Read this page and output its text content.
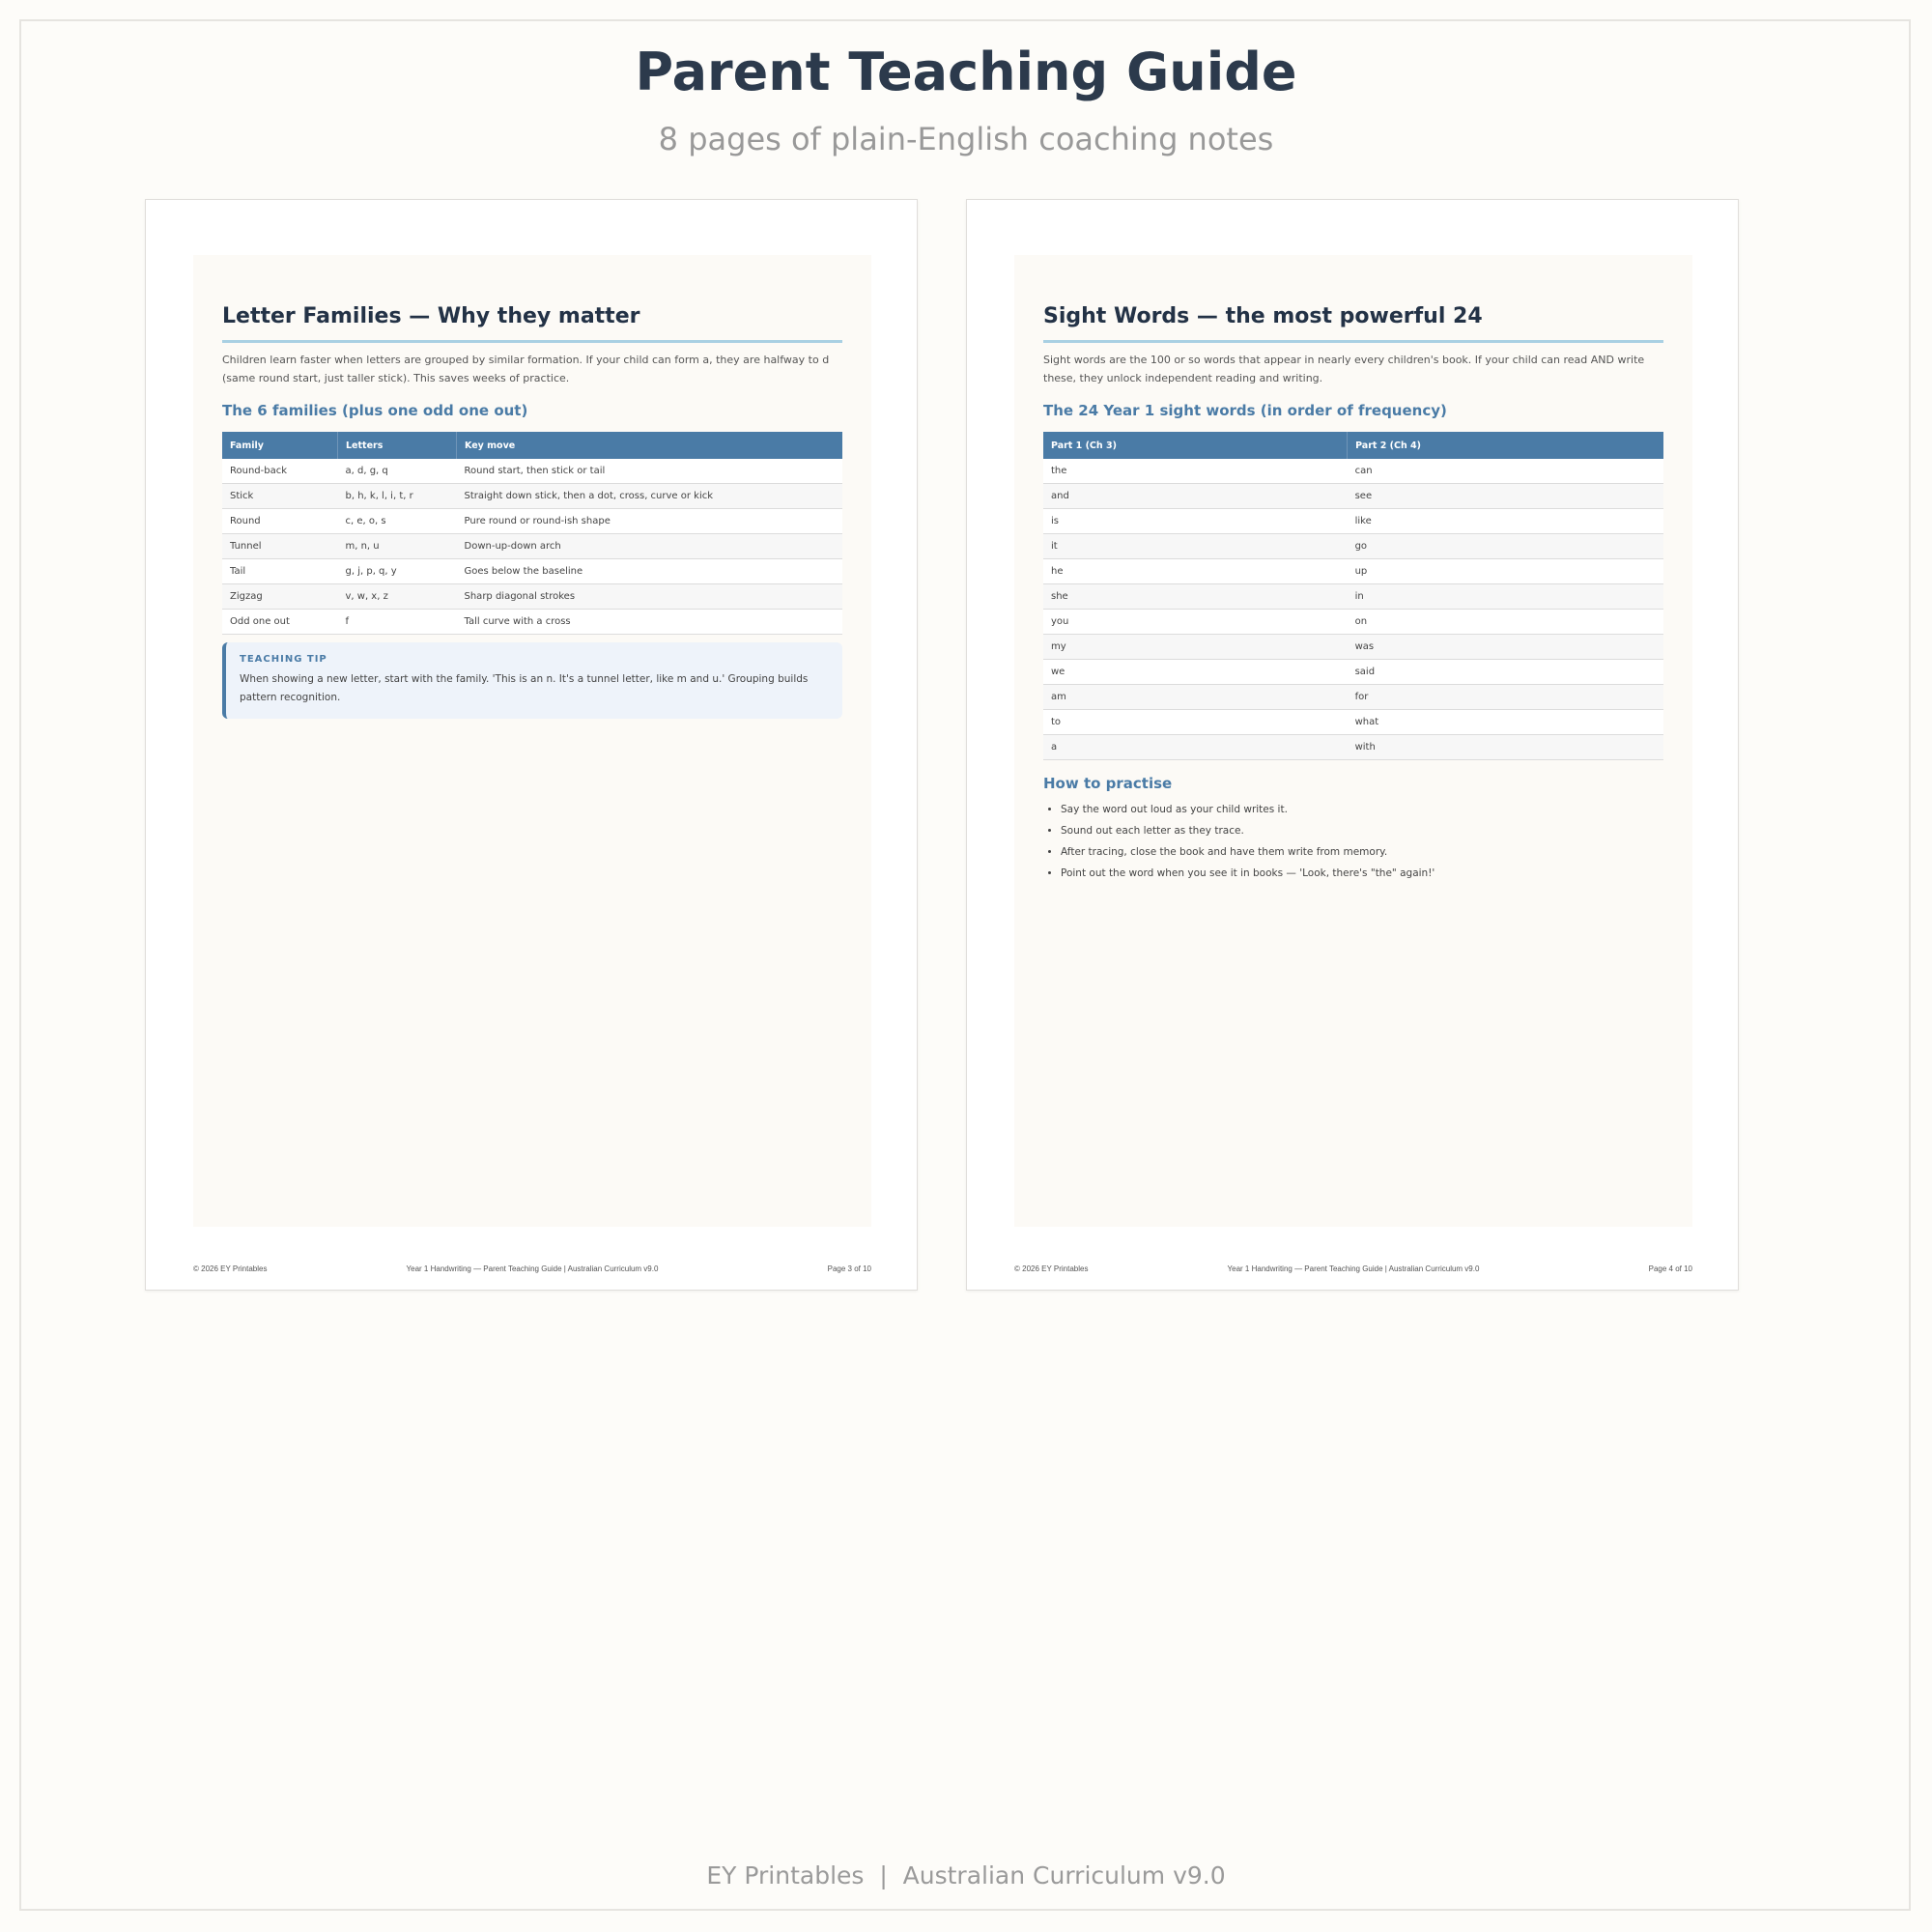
Parent Teaching Guide
8 pages of plain-English coaching notes
Letter Families — Why they matter

Children learn faster when letters are grouped by similar formation. If your child can form a, they are halfway to d (same round start, just taller stick). This saves weeks of practice.

The 6 families (plus one odd one out)
Family	Letters	Key move
Round-back	a, d, g, q	Round start, then stick or tail
Stick	b, h, k, l, i, t, r	Straight down stick, then a dot, cross, curve or kick
Round	c, e, o, s	Pure round or round-ish shape
Tunnel	m, n, u	Down-up-down arch
Tail	g, j, p, q, y	Goes below the baseline
Zigzag	v, w, x, z	Sharp diagonal strokes
Odd one out	f	Tall curve with a cross
TEACHING TIP
When showing a new letter, start with the family. 'This is an n. It's a tunnel letter, like m and u.' Grouping builds pattern recognition.
Year 1 Handwriting — Parent Teaching Guide | Australian Curriculum v9.0
© 2026 EY Printables	Page 3 of 10
Sight Words — the most powerful 24

Sight words are the 100 or so words that appear in nearly every children's book. If your child can read AND write these, they unlock independent reading and writing.

The 24 Year 1 sight words (in order of frequency)
Part 1 (Ch 3)	Part 2 (Ch 4)
the	can
and	see
is	like
it	go
he	up
she	in
you	on
my	was
we	said
am	for
to	what
a	with
How to practise
• Say the word out loud as your child writes it.
• Sound out each letter as they trace.
• After tracing, close the book and have them write from memory.
• Point out the word when you see it in books — 'Look, there's "the" again!'
Year 1 Handwriting — Parent Teaching Guide | Australian Curriculum v9.0
© 2026 EY Printables	Page 4 of 10
EY Printables  |  Australian Curriculum v9.0
